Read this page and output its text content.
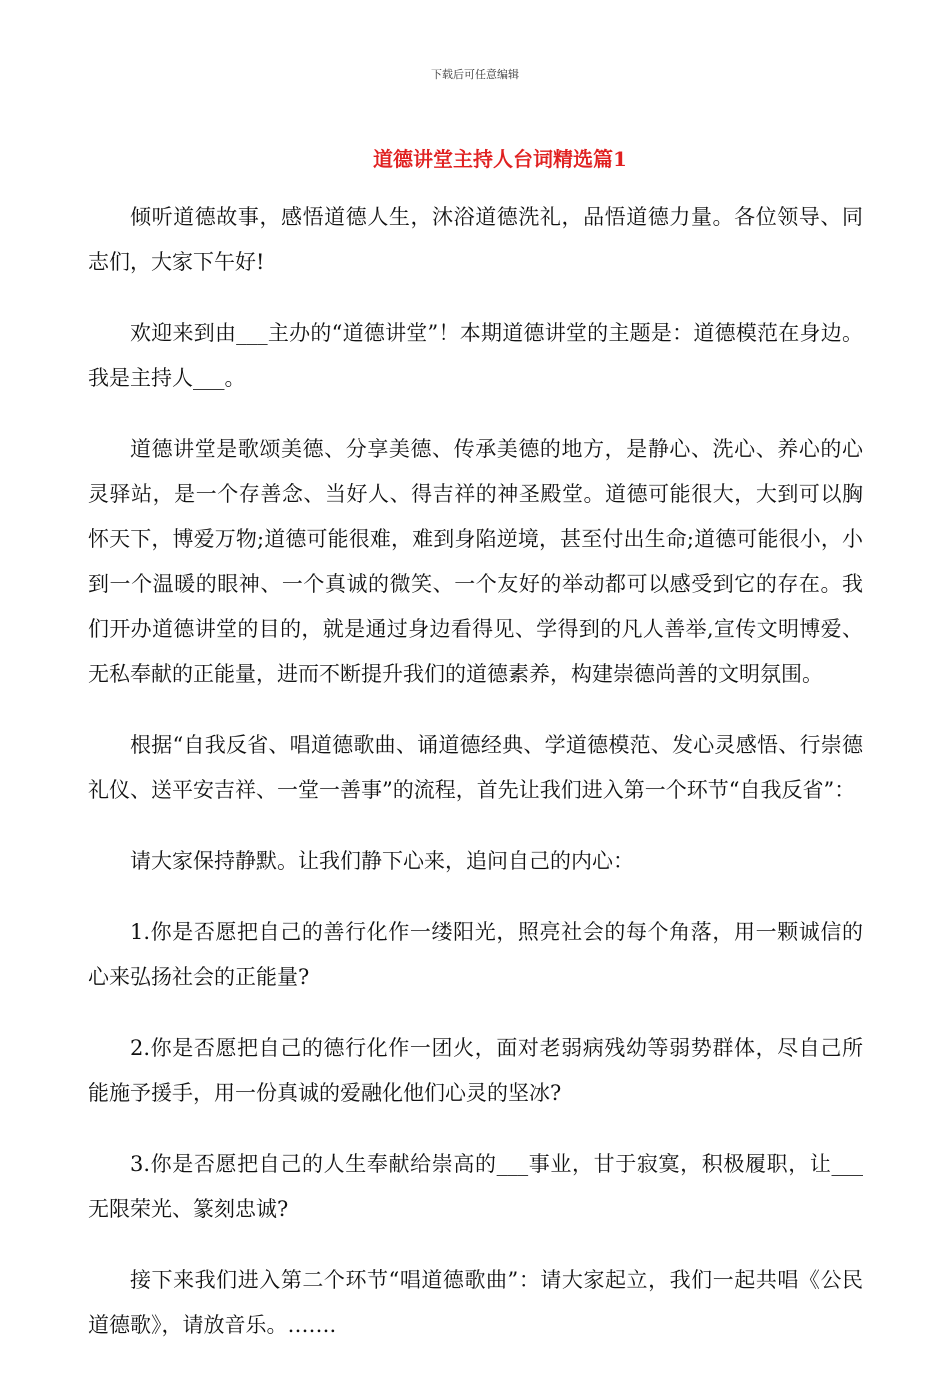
下载后可任意编辑
道德讲堂主持人台词精选篇1

倾听道德故事，感悟道德人生，沐浴道德洗礼，品悟道德力量。各位领导、同志们，大家下午好!

欢迎来到由___主办的“道德讲堂”！本期道德讲堂的主题是：道德模范在身边。我是主持人___。

道德讲堂是歌颂美德、分享美德、传承美德的地方，是静心、洗心、养心的心灵驿站，是一个存善念、当好人、得吉祥的神圣殿堂。道德可能很大，大到可以胸怀天下，博爱万物;道德可能很难，难到身陷逆境，甚至付出生命;道德可能很小，小到一个温暖的眼神、一个真诚的微笑、一个友好的举动都可以感受到它的存在。我们开办道德讲堂的目的，就是通过身边看得见、学得到的凡人善举,宣传文明博爱、无私奉献的正能量，进而不断提升我们的道德素养，构建崇德尚善的文明氛围。

根据“自我反省、唱道德歌曲、诵道德经典、学道德模范、发心灵感悟、行崇德礼仪、送平安吉祥、一堂一善事”的流程，首先让我们进入第一个环节“自我反省”：

请大家保持静默。让我们静下心来，追问自己的内心：

1.你是否愿把自己的善行化作一缕阳光，照亮社会的每个角落，用一颗诚信的心来弘扬社会的正能量?

2.你是否愿把自己的德行化作一团火，面对老弱病残幼等弱势群体，尽自己所能施予援手，用一份真诚的爱融化他们心灵的坚冰?

3.你是否愿把自己的人生奉献给崇高的___事业，甘于寂寞，积极履职，让___无限荣光、篆刻忠诚?

接下来我们进入第二个环节“唱道德歌曲”：请大家起立，我们一起共唱《公民道德歌》，请放音乐。…….
